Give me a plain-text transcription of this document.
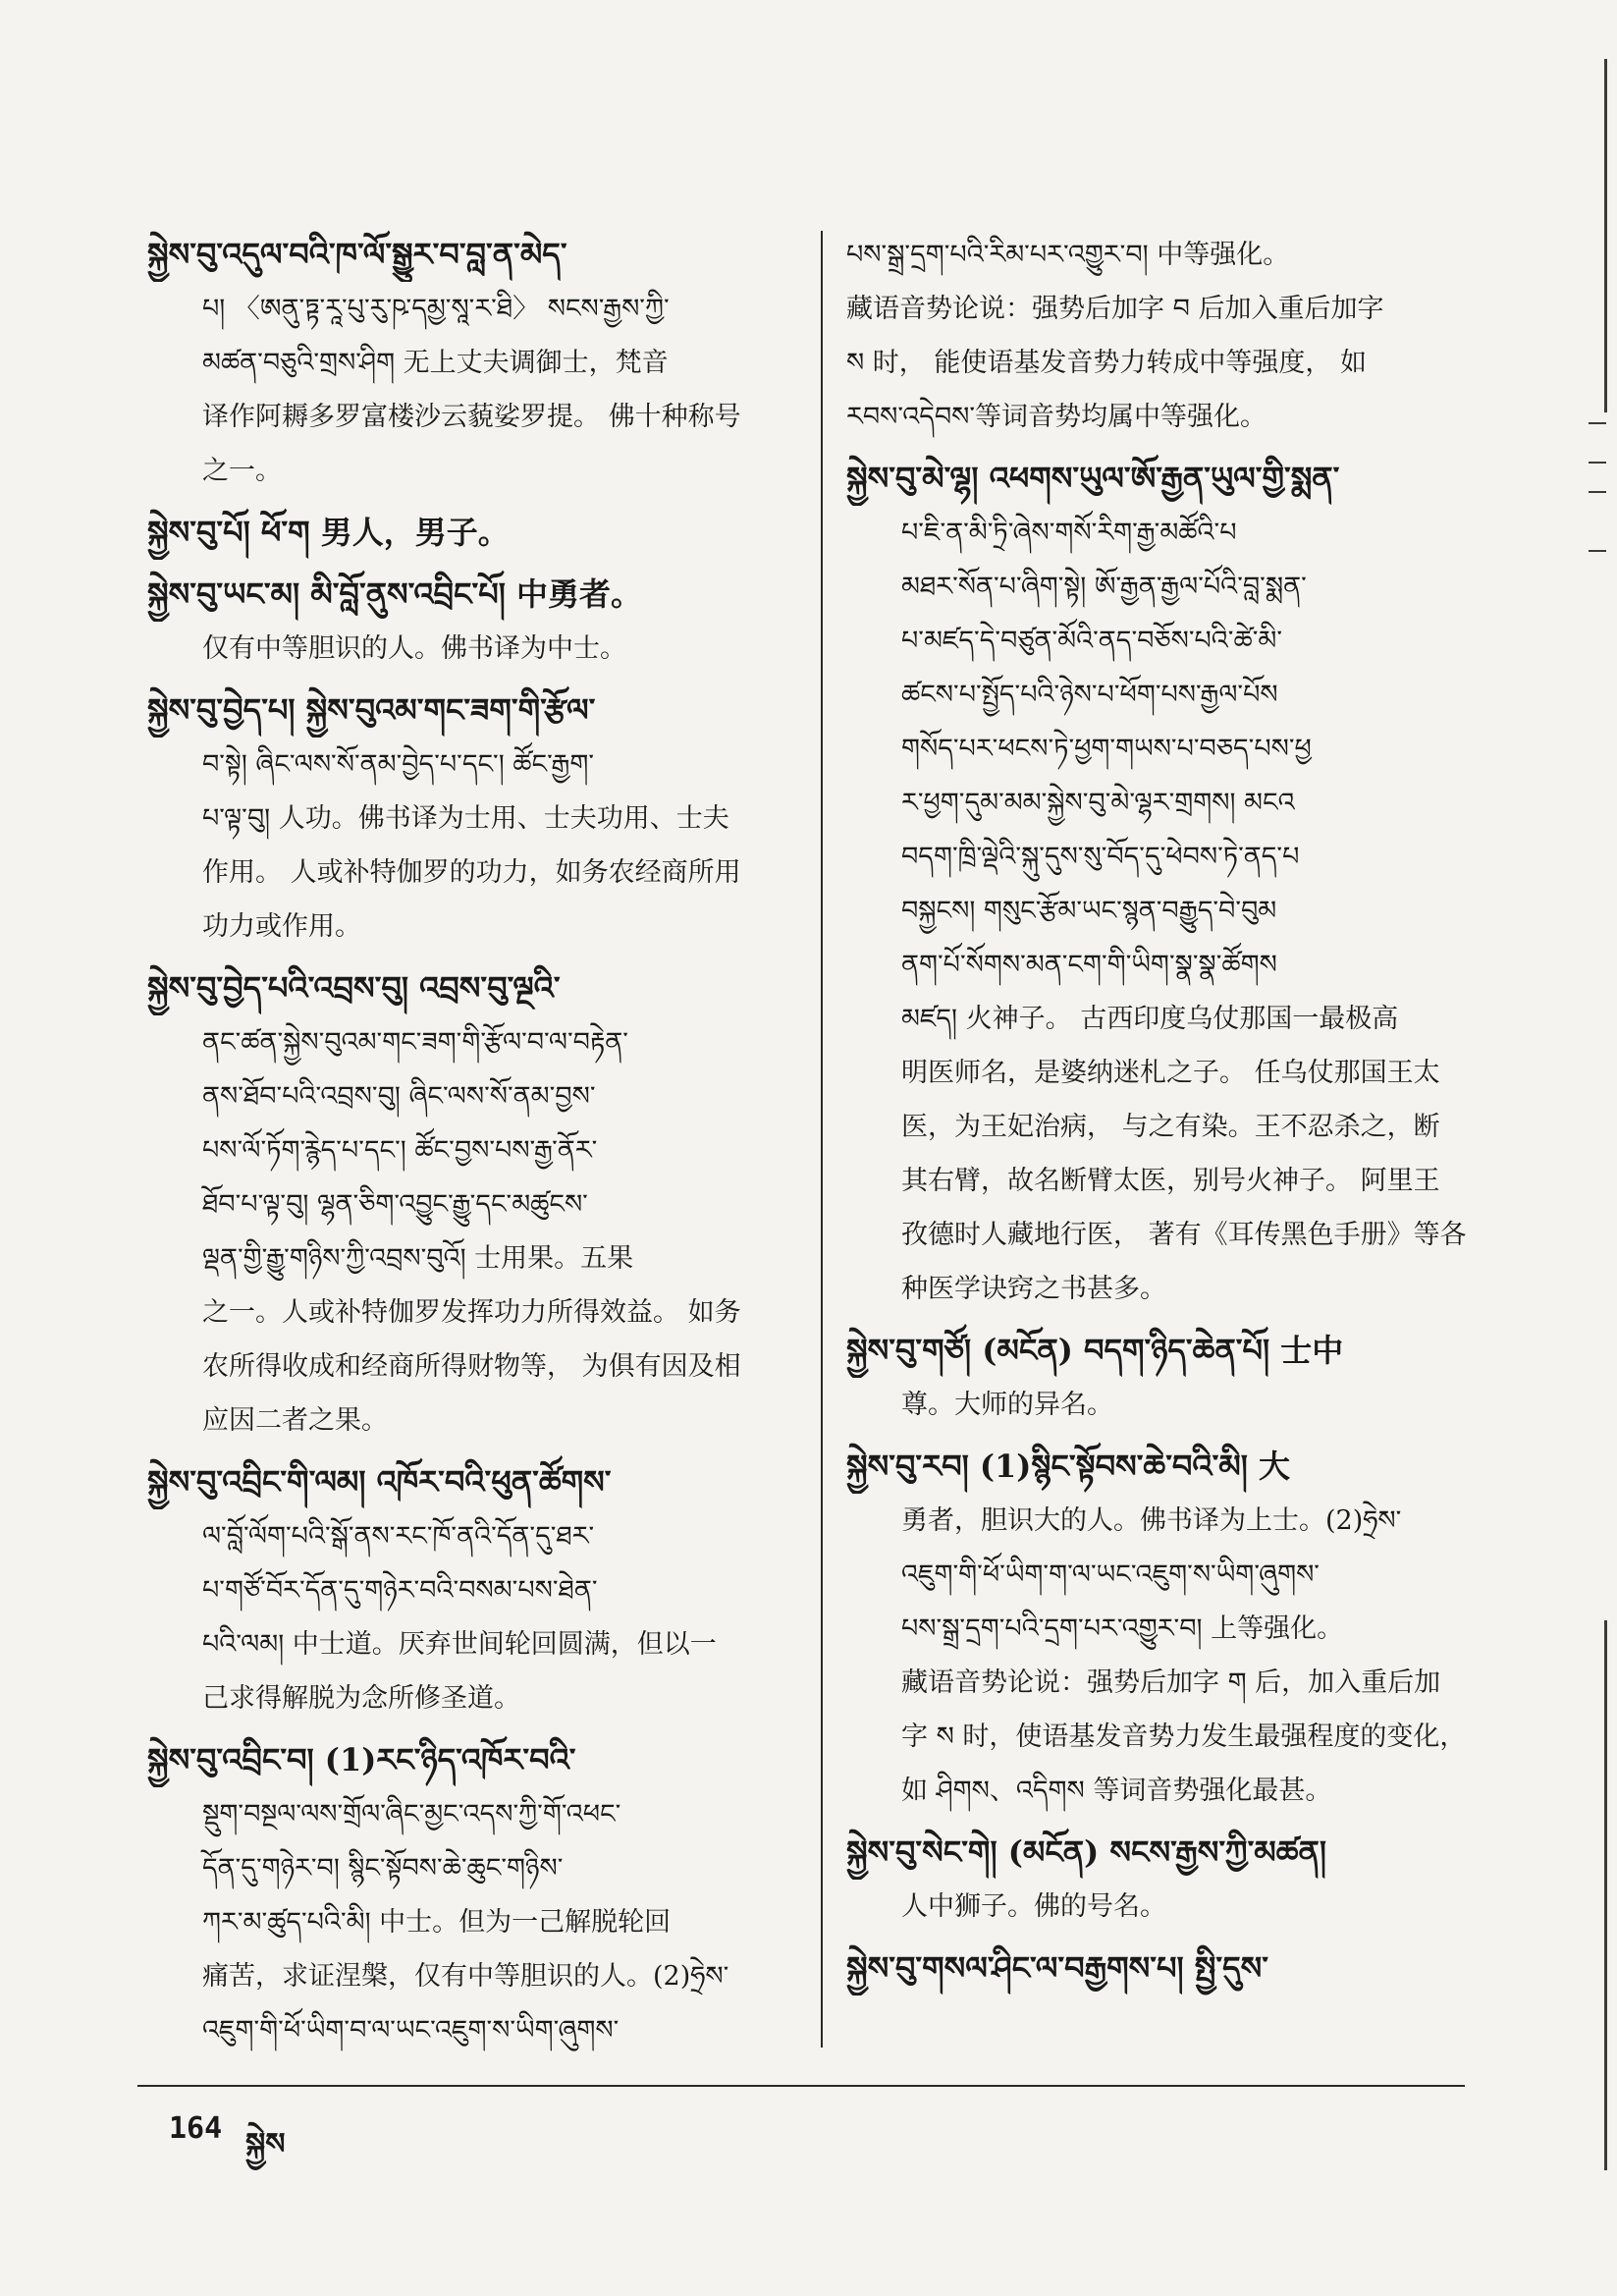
སྐྱེས་བུ་འདུལ་བའི་ཁ་ལོ་སྒྱུར་བ་བླ་ན་མེད་
པ། 〈ཨནུ་ཏྟ་རཱ་པུ་རུ་ཥ་དམྱ་སཱ་ར་ཐི〉 སངས་རྒྱས་ཀྱི་
མཚན་བཅུའི་གྲས་ཤིག 无上丈夫调御士，梵音
译作阿耨多罗富楼沙云藐娑罗提。 佛十种称号
之一。
སྐྱེས་བུ་པོ། ཕོ་ག 男人，男子。
སྐྱེས་བུ་ཡང་མ། མི་བློ་ནུས་འབྲིང་པོ། 中勇者。
仅有中等胆识的人。佛书译为中士。
སྐྱེས་བུ་བྱེད་པ། སྐྱེས་བུའམ་གང་ཟག་གི་རྩོལ་
བ་སྟེ། ཞིང་ལས་སོ་ནམ་བྱེད་པ་དང་། ཚོང་རྒྱག་
པ་ལྟ་བུ། 人功。佛书译为士用、士夫功用、士夫
作用。 人或补特伽罗的功力，如务农经商所用
功力或作用。
སྐྱེས་བུ་བྱེད་པའི་འབྲས་བུ། འབྲས་བུ་ལྔའི་
ནང་ཚན་སྐྱེས་བུའམ་གང་ཟག་གི་རྩོལ་བ་ལ་བརྟེན་
ནས་ཐོབ་པའི་འབྲས་བུ། ཞིང་ལས་སོ་ནམ་བྱས་
པས་ལོ་ཏོག་རྙེད་པ་དང་། ཚོང་བྱས་པས་རྒྱ་ནོར་
ཐོབ་པ་ལྟ་བུ། ལྷན་ཅིག་འབྱུང་རྒྱུ་དང་མཚུངས་
ལྡན་གྱི་རྒྱུ་གཉིས་ཀྱི་འབྲས་བུའོ། 士用果。五果
之一。人或补特伽罗发挥功力所得效益。 如务
农所得收成和经商所得财物等， 为俱有因及相
应因二者之果。
སྐྱེས་བུ་འབྲིང་གི་ལམ། འཁོར་བའི་ཕུན་ཚོགས་
ལ་བློ་ལོག་པའི་སྒོ་ནས་རང་ཁོ་ནའི་དོན་དུ་ཐར་
པ་གཙོ་བོར་དོན་དུ་གཉེར་བའི་བསམ་པས་ཐེན་
པའི་ལམ། 中士道。厌弃世间轮回圆满，但以一
己求得解脱为念所修圣道。
སྐྱེས་བུ་འབྲིང་བ། (1)རང་ཉིད་འཁོར་བའི་
སྡུག་བསྔལ་ལས་གྲོལ་ཞིང་མྱང་འདས་ཀྱི་གོ་འཕང་
དོན་དུ་གཉེར་བ། སྙིང་སྟོབས་ཆེ་ཆུང་གཉིས་
ཀར་མ་ཚུད་པའི་མི། 中士。但为一己解脱轮回
痛苦，求证涅槃，仅有中等胆识的人。(2)ཧྲེས་
འཇུག་གི་ཕོ་ཡིག་བ་ལ་ཡང་འཇུག་ས་ཡིག་ཞུགས་
པས་སྒྲ་དྲག་པའི་རིམ་པར་འགྱུར་བ། 中等强化。
藏语音势论说：强势后加字 བ 后加入重后加字
ས 时， 能使语基发音势力转成中等强度， 如
རབས་འདེབས་等词音势均属中等强化。
སྐྱེས་བུ་མེ་ལྷ། འཕགས་ཡུལ་ཨོ་རྒྱན་ཡུལ་གྱི་སྨན་
པ་ཇི་ན་མི་ཏྲི་ཞེས་གསོ་རིག་རྒྱ་མཚོའི་པ
མཐར་སོན་པ་ཞིག་སྟེ། ཨོ་རྒྱན་རྒྱལ་པོའི་བླ་སྨན་
པ་མཛད་དེ་བཙུན་མོའི་ནད་བཅོས་པའི་ཚེ་མི་
ཚངས་པ་སྤྱོད་པའི་ཉེས་པ་ཕོག་པས་རྒྱལ་པོས
གསོད་པར་ཕངས་ཏེ་ཕྱག་གཡས་པ་བཅད་པས་ཕྱ
ར་ཕྱག་དུམ་མམ་སྐྱེས་བུ་མེ་ལྷར་གྲགས། མངའ
བདག་ཁྲི་ལྡེའི་སྐུ་དུས་སུ་བོད་དུ་ཕེབས་ཏེ་ནད་པ
བསྐྱངས། གསུང་རྩོམ་ཡང་སྙན་བརྒྱུད་བེ་བུམ
ནག་པོ་སོགས་མན་ངག་གི་ཡིག་སྣ་སྣ་ཚོགས
མཛད། 火神子。 古西印度乌仗那国一最极高
明医师名，是婆纳迷札之子。 任乌仗那国王太
医，为王妃治病， 与之有染。王不忍杀之，断
其右臂，故名断臂太医，别号火神子。 阿里王
孜德时人藏地行医， 著有《耳传黑色手册》等各
种医学诀窍之书甚多。
སྐྱེས་བུ་གཙོ། (མངོན) བདག་ཉིད་ཆེན་པོ། 士中
尊。大师的异名。
སྐྱེས་བུ་རབ། (1)སྙིང་སྟོབས་ཆེ་བའི་མི། 大
勇者，胆识大的人。佛书译为上士。(2)ཧྲེས་
འཇུག་གི་ཕོ་ཡིག་ག་ལ་ཡང་འཇུག་ས་ཡིག་ཞུགས་
པས་སྒྲ་དྲག་པའི་དྲག་པར་འགྱུར་བ། 上等强化。
藏语音势论说：强势后加字 ག 后，加入重后加
字 ས 时，使语基发音势力发生最强程度的变化，
如 ཤིགས、འདིགས 等词音势强化最甚。
སྐྱེས་བུ་སེང་གེ། (མངོན) སངས་རྒྱས་ཀྱི་མཚན།
人中狮子。佛的号名。
སྐྱེས་བུ་གསལ་ཤིང་ལ་བརྒྱགས་པ། སྤྱི་དུས་
164 སྐྱེས
